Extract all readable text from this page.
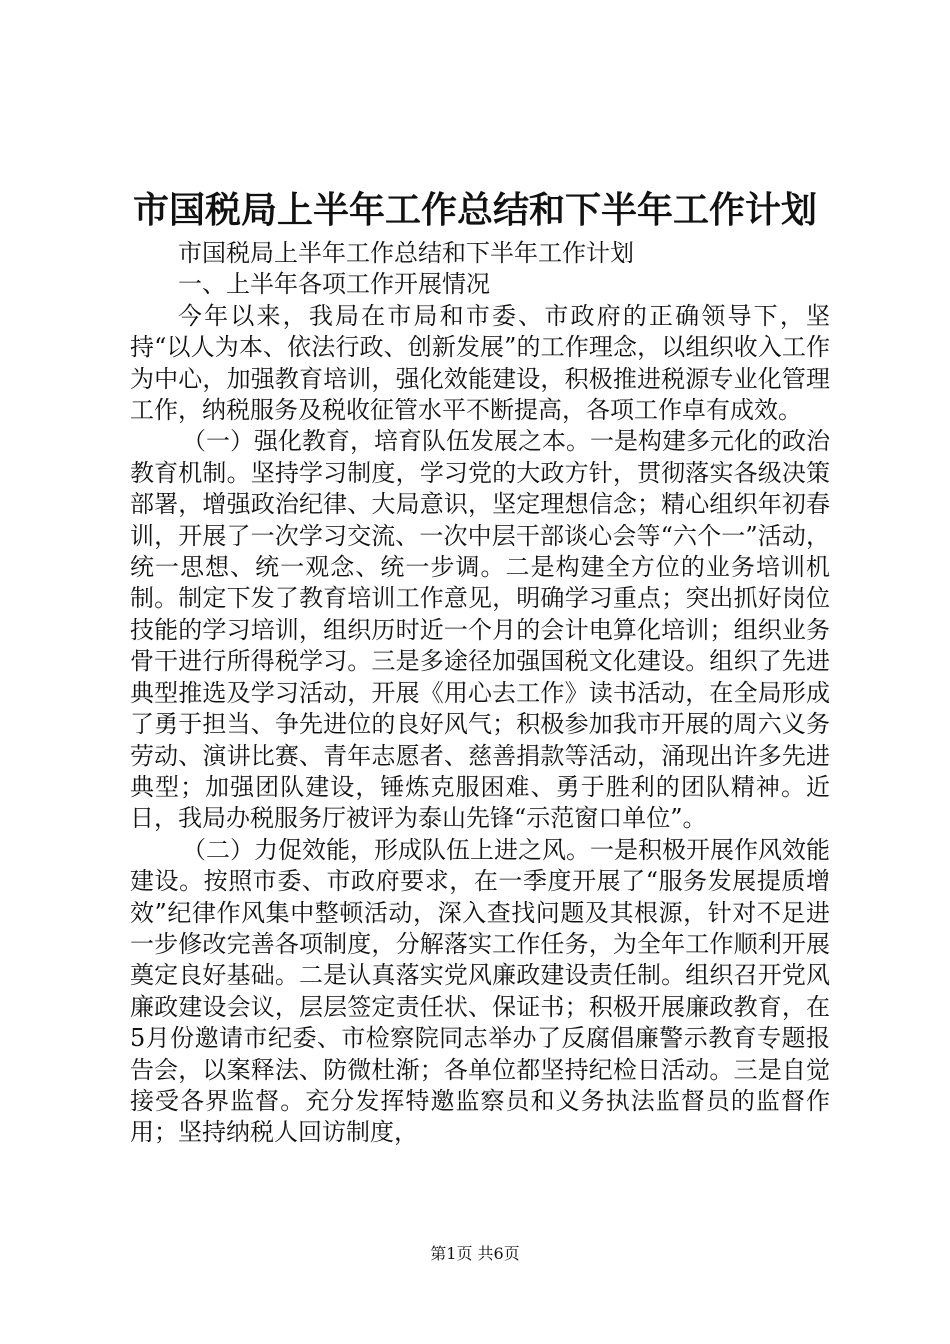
市国税局上半年工作总结和下半年工作计划

市国税局上半年工作总结和下半年工作计划

一、上半年各项工作开展情况

今年以来，我局在市局和市委、市政府的正确领导下，坚持“以人为本、依法行政、创新发展”的工作理念，以组织收入工作为中心，加强教育培训，强化效能建设，积极推进税源专业化管理工作，纳税服务及税收征管水平不断提高，各项工作卓有成效。

（一）强化教育，培育队伍发展之本。一是构建多元化的政治教育机制。坚持学习制度，学习党的大政方针，贯彻落实各级决策部署，增强政治纪律、大局意识，坚定理想信念；精心组织年初春训，开展了一次学习交流、一次中层干部谈心会等“六个一”活动，统一思想、统一观念、统一步调。二是构建全方位的业务培训机制。制定下发了教育培训工作意见，明确学习重点；突出抓好岗位技能的学习培训，组织历时近一个月的会计电算化培训；组织业务骨干进行所得税学习。三是多途径加强国税文化建设。组织了先进典型推选及学习活动，开展《用心去工作》读书活动，在全局形成了勇于担当、争先进位的良好风气；积极参加我市开展的周六义务劳动、演讲比赛、青年志愿者、慈善捐款等活动，涌现出许多先进典型；加强团队建设，锤炼克服困难、勇于胜利的团队精神。近日，我局办税服务厅被评为泰山先锋“示范窗口单位”。

（二）力促效能，形成队伍上进之风。一是积极开展作风效能建设。按照市委、市政府要求，在一季度开展了“服务发展提质增效”纪律作风集中整顿活动，深入查找问题及其根源，针对不足进一步修改完善各项制度，分解落实工作任务，为全年工作顺利开展奠定良好基础。二是认真落实党风廉政建设责任制。组织召开党风廉政建设会议，层层签定责任状、保证书；积极开展廉政教育，在5月份邀请市纪委、市检察院同志举办了反腐倡廉警示教育专题报告会，以案释法、防微杜渐；各单位都坚持纪检日活动。三是自觉接受各界监督。充分发挥特邀监察员和义务执法监督员的监督作用；坚持纳税人回访制度，

第1页 共6页
